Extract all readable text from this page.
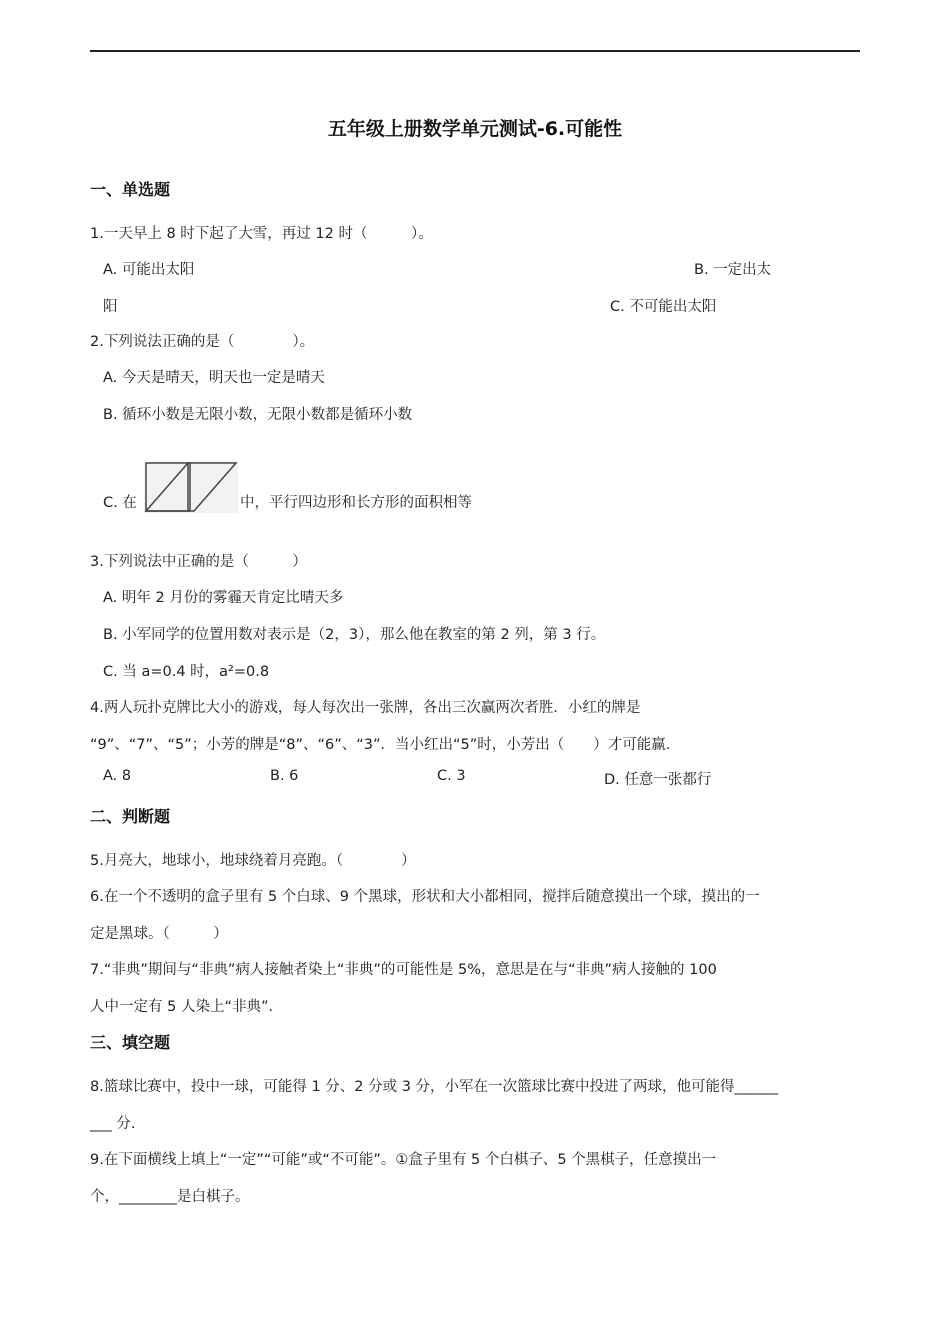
五年级上册数学单元测试-6.可能性
一、单选题
1.一天早上 8 时下起了大雪，再过 12 时（　　　）。
A. 可能出太阳	B. 一定出太
阳	C. 不可能出太阳
2.下列说法正确的是（　　　　）。
A. 今天是晴天，明天也一定是晴天
B. 循环小数是无限小数，无限小数都是循环小数
C. 在	中，平行四边形和长方形的面积相等
3.下列说法中正确的是（　　　）
A. 明年 2 月份的雾霾天肯定比晴天多
B. 小军同学的位置用数对表示是（2，3），那么他在教室的第 2 列，第 3 行。
C. 当 a=0.4 时，a²=0.8
4.两人玩扑克牌比大小的游戏，每人每次出一张牌，各出三次赢两次者胜．小红的牌是
“9”、“7”、“5”；小芳的牌是“8”、“6”、“3”．当小红出“5”时，小芳出（　　）才可能赢．
A. 8	B. 6	C. 3	D. 任意一张都行
二、判断题
5.月亮大，地球小，地球绕着月亮跑。（　　　　）
6.在一个不透明的盒子里有 5 个白球、9 个黑球，形状和大小都相同，搅拌后随意摸出一个球，摸出的一
定是黑球。（　　　）
7.“非典”期间与“非典”病人接触者染上“非典”的可能性是 5%，意思是在与“非典”病人接触的 100
人中一定有 5 人染上“非典”．
三、填空题
8.篮球比赛中，投中一球，可能得 1 分、2 分或 3 分，小军在一次篮球比赛中投进了两球，他可能得______
___ 分.
9.在下面横线上填上“一定”“可能”或“不可能”。①盒子里有 5 个白棋子、5 个黑棋子，任意摸出一
个，________是白棋子。
